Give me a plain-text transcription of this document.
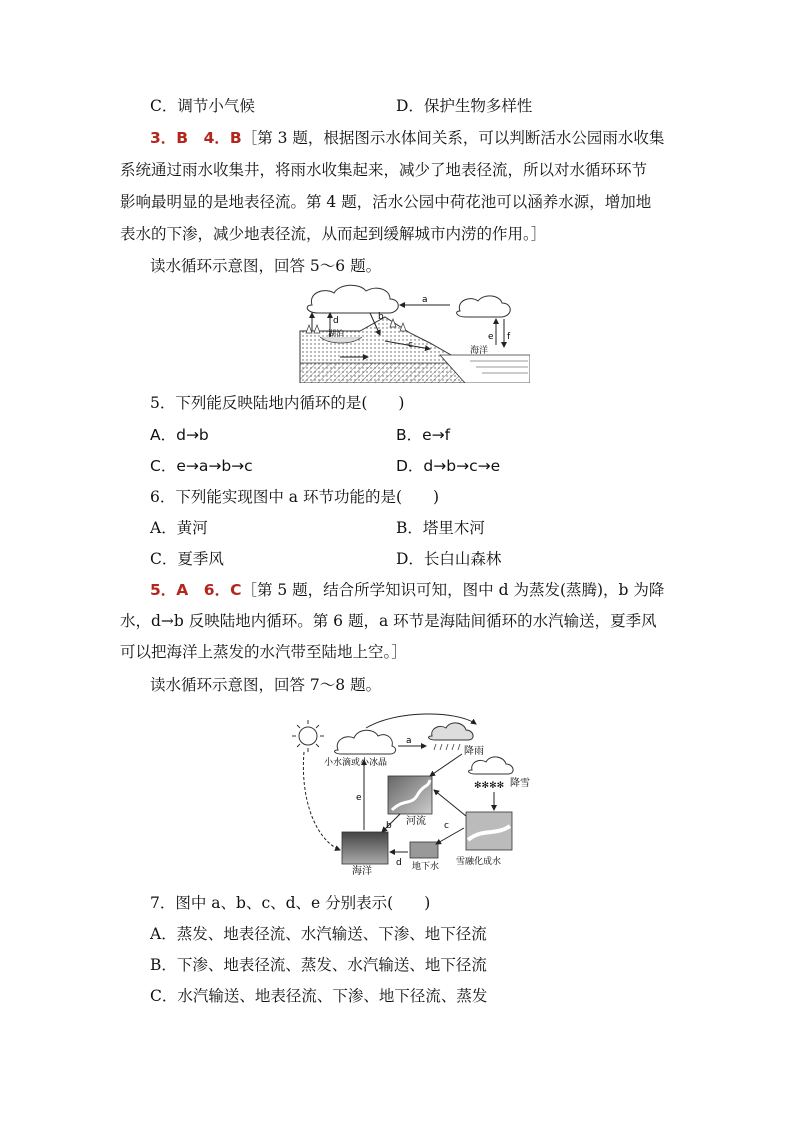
C．调节小气候	D．保护生物多样性
3．B　4．B［第 3 题，根据图示水体间关系，可以判断活水公园雨水收集
系统通过雨水收集井，将雨水收集起来，减少了地表径流，所以对水循环环节
影响最明显的是地表径流。第 4 题，活水公园中荷花池可以涵养水源，增加地
表水的下渗，减少地表径流，从而起到缓解城市内涝的作用。］
读水循环示意图，回答 5～6 题。
a
b
c
d
e f
湖泊
海洋
5．下列能反映陆地内循环的是(　　)
A．d→b	B．e→f
C．e→a→b→c	D．d→b→c→e
6．下列能实现图中 a 环节功能的是(　　)
A．黄河	B．塔里木河
C．夏季风	D．长白山森林
5．A　6．C［第 5 题，结合所学知识可知，图中 d 为蒸发(蒸腾)，b 为降
水，d→b 反映陆地内循环。第 6 题，a 环节是海陆间循环的水汽输送，夏季风
可以把海洋上蒸发的水汽带至陆地上空。］
读水循环示意图，回答 7～8 题。
小水滴或小冰晶
降雨
✻✻✻✻ 降雪
河流
海洋	地下水 雪融化成水
a
e
b
d
c
7．图中 a、b、c、d、e 分别表示(　　)
A．蒸发、地表径流、水汽输送、下渗、地下径流
B．下渗、地表径流、蒸发、水汽输送、地下径流
C．水汽输送、地表径流、下渗、地下径流、蒸发
